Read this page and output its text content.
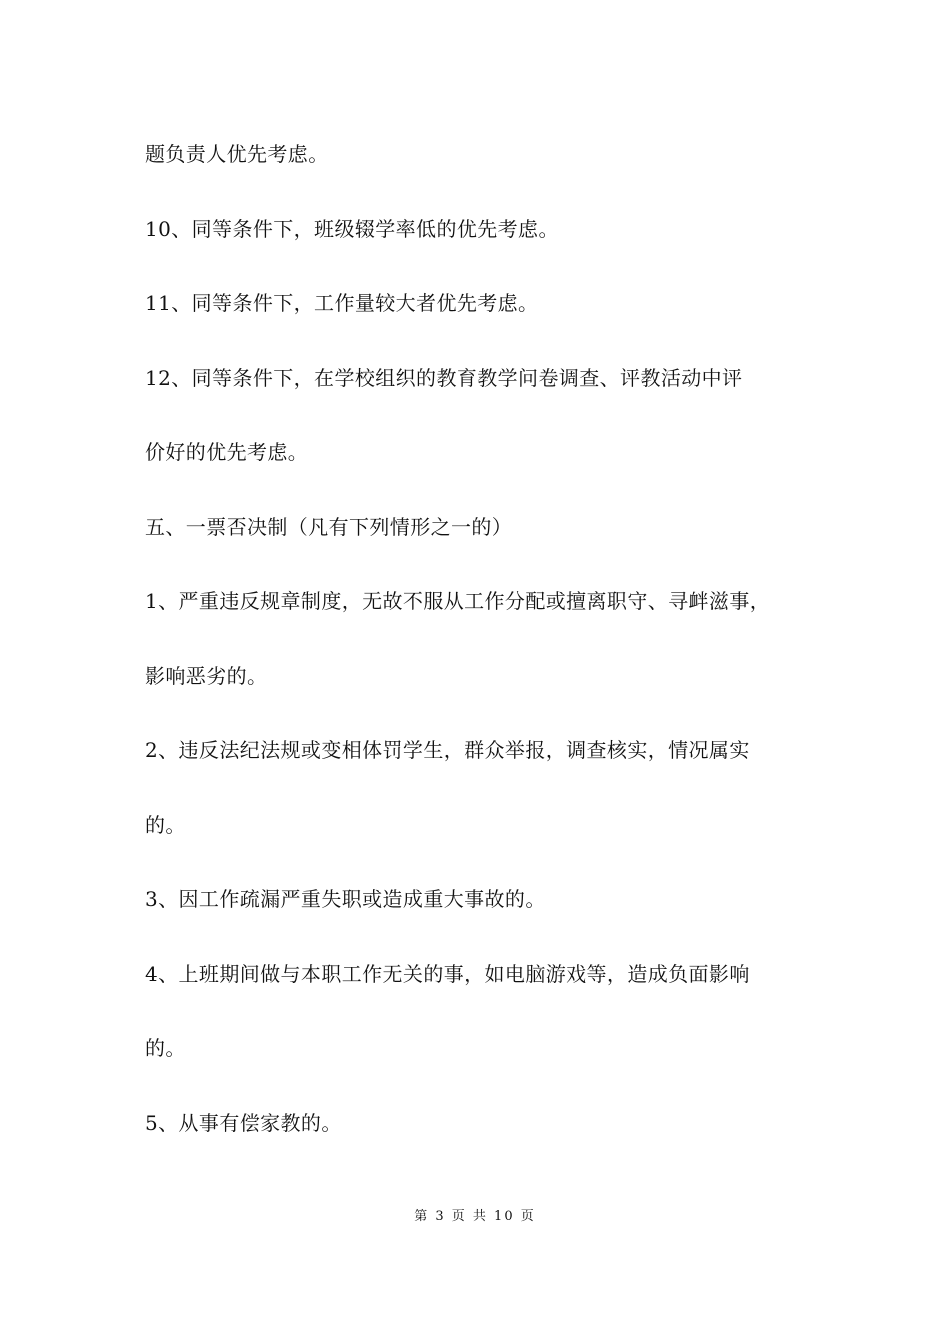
题负责人优先考虑。
10、同等条件下，班级辍学率低的优先考虑。
11、同等条件下，工作量较大者优先考虑。
12、同等条件下，在学校组织的教育教学问卷调查、评教活动中评
价好的优先考虑。
五、一票否决制（凡有下列情形之一的）
1、严重违反规章制度，无故不服从工作分配或擅离职守、寻衅滋事，
影响恶劣的。
2、违反法纪法规或变相体罚学生，群众举报，调查核实，情况属实
的。
3、因工作疏漏严重失职或造成重大事故的。
4、上班期间做与本职工作无关的事，如电脑游戏等，造成负面影响
的。
5、从事有偿家教的。
第 3 页 共 10 页
